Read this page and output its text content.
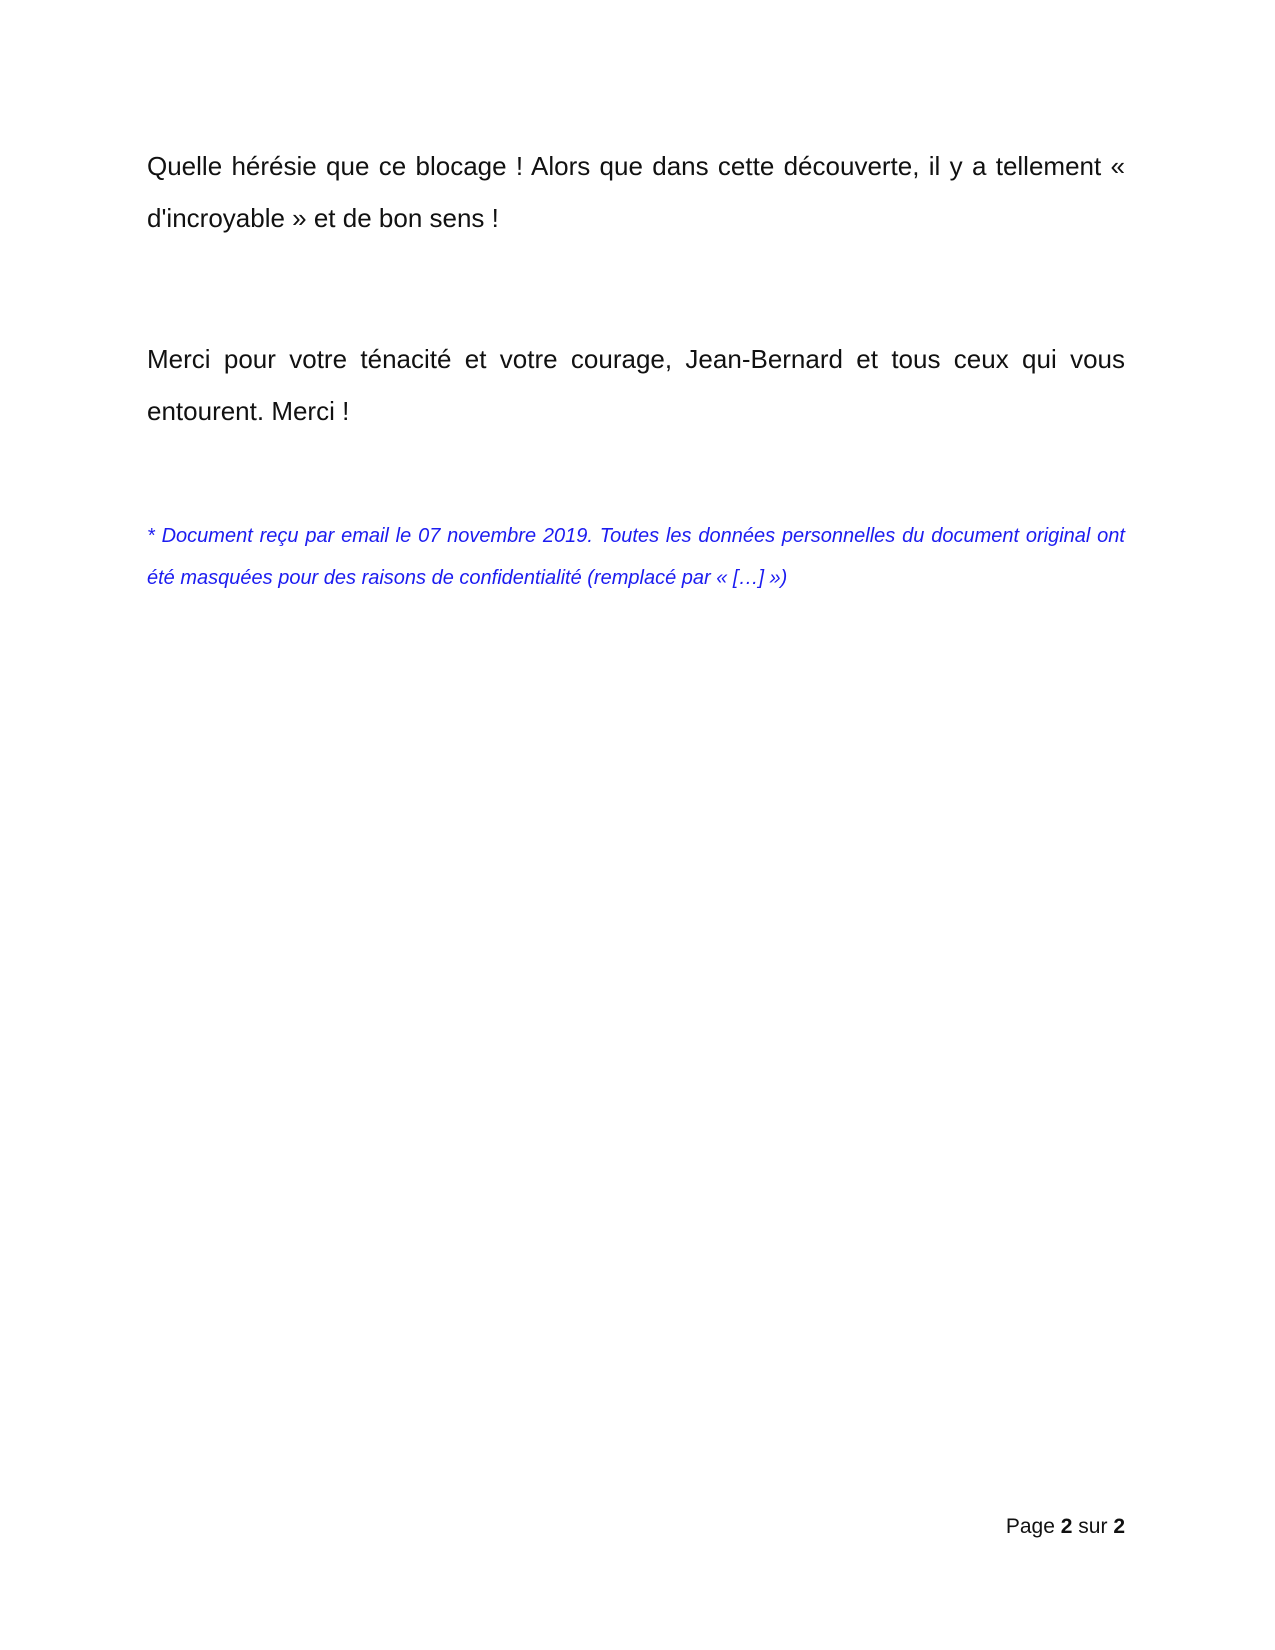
Quelle hérésie que ce blocage ! Alors que dans cette découverte, il y a tellement « d'incroyable » et de bon sens !

Merci pour votre ténacité et votre courage, Jean-Bernard et tous ceux qui vous entourent. Merci !

* Document reçu par email le 07 novembre 2019. Toutes les données personnelles du document original ont été masquées pour des raisons de confidentialité (remplacé par « […] »)

Page 2 sur 2
